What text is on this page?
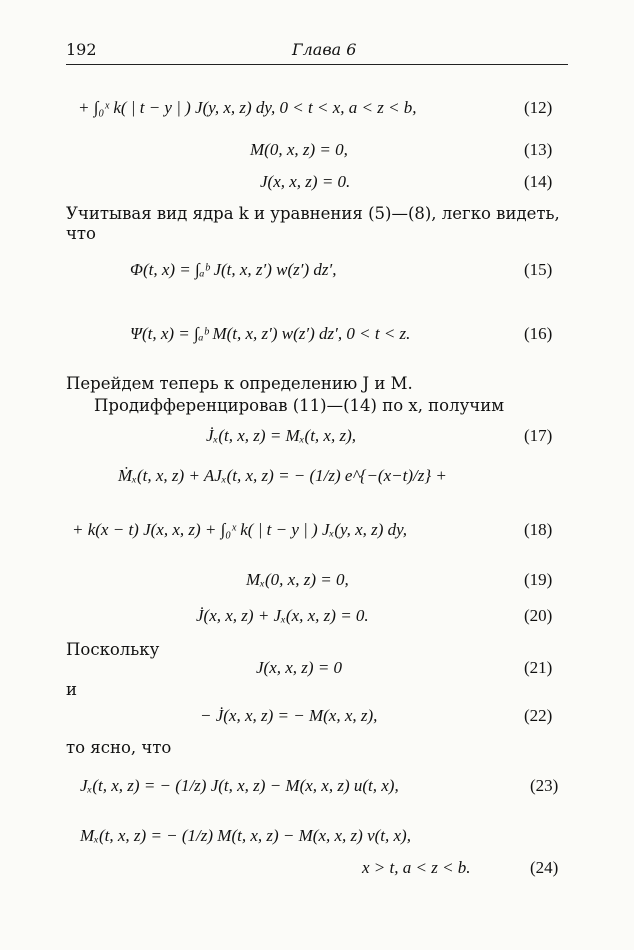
192	Глава 6
+ ∫₀ˣ k( | t − y | ) J(y, x, z) dy, 0 < t < x, a < z < b,	(12)
M(0, x, z) = 0,	(13)
J(x, x, z) = 0.	(14)
Учитывая вид ядра k и уравнения (5)—(8), легко видеть,
что
Φ(t, x) = ∫ₐᵇ J(t, x, z′) w(z′) dz′,	(15)
Ψ(t, x) = ∫ₐᵇ M(t, x, z′) w(z′) dz′, 0 < t < z.	(16)
Перейдем теперь к определению J и M.
Продифференцировав (11)—(14) по x, получим
J̇ₓ(t, x, z) = Mₓ(t, x, z),	(17)
Ṁₓ(t, x, z) + AJₓ(t, x, z) = − (1/z) e^{−(x−t)/z} +
+ k(x − t) J(x, x, z) + ∫₀ˣ k( | t − y | ) Jₓ(y, x, z) dy,	(18)
Mₓ(0, x, z) = 0,	(19)
J̇(x, x, z) + Jₓ(x, x, z) = 0.	(20)
Поскольку
J(x, x, z) = 0	(21)
и
− J̇(x, x, z) = − M(x, x, z),	(22)
то ясно, что
Jₓ(t, x, z) = − (1/z) J(t, x, z) − M(x, x, z) u(t, x),	(23)
Mₓ(t, x, z) = − (1/z) M(t, x, z) − M(x, x, z) v(t, x),
x > t, a < z < b.	(24)
